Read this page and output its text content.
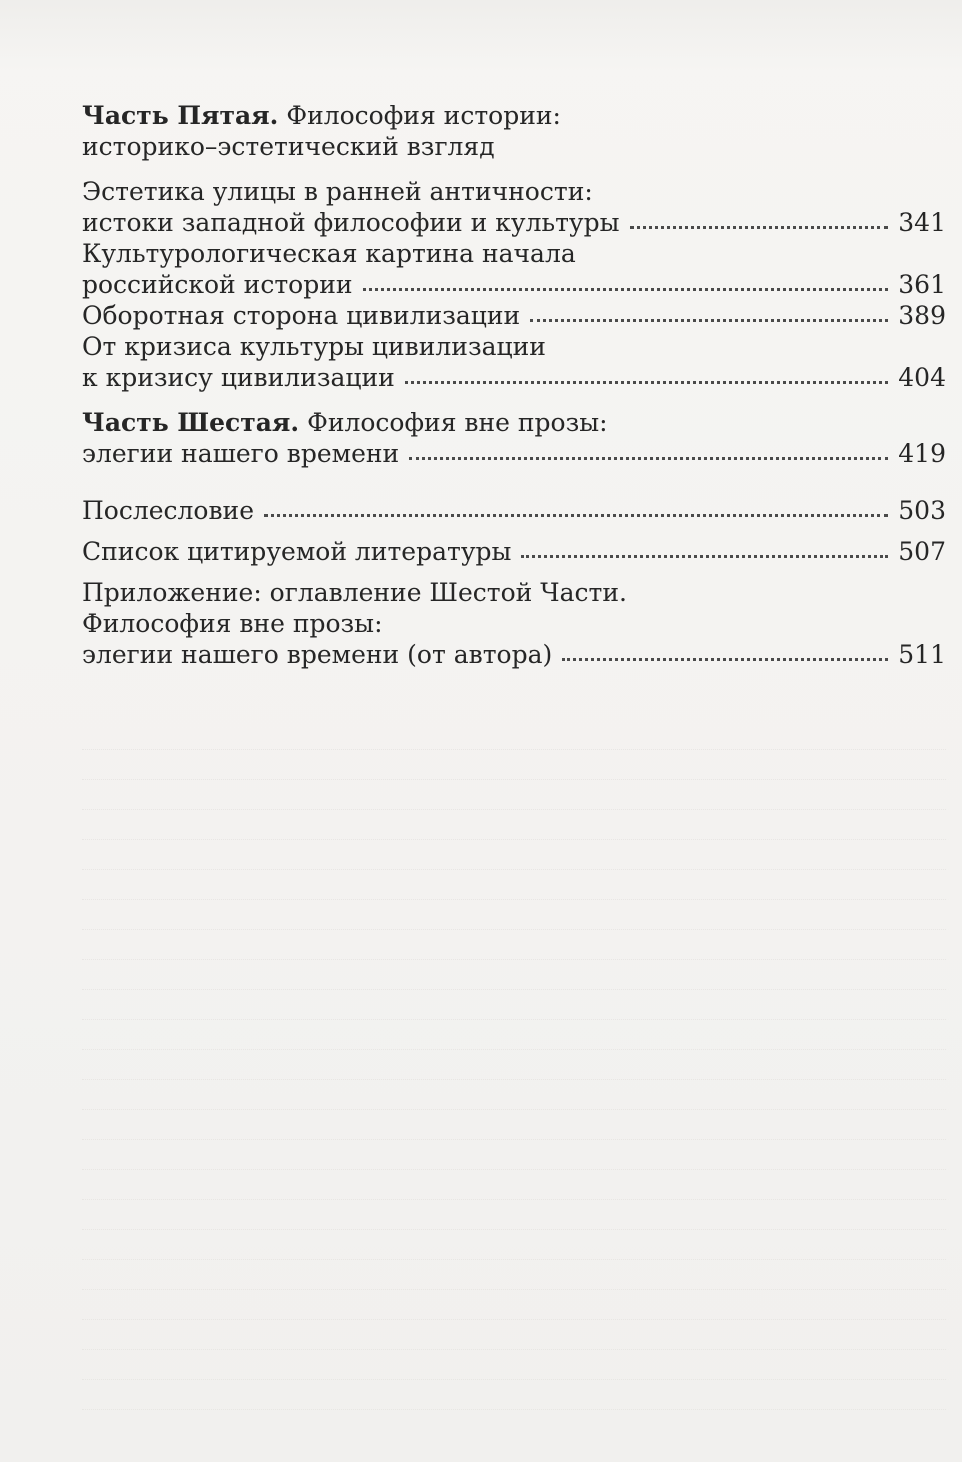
Часть Пятая. Философия истории:
историко–эстетический взгляд
Эстетика улицы в ранней античности:
истоки западной философии и культуры	341
Культурологическая картина начала
российской истории	361
Оборотная сторона цивилизации	389
От кризиса культуры цивилизации
к кризису цивилизации	404
Часть Шестая. Философия вне прозы:
элегии нашего времени	419
Послесловие	503
Список цитируемой литературы	507
Приложение: оглавление Шестой Части.
Философия вне прозы:
элегии нашего времени (от автора)	511
